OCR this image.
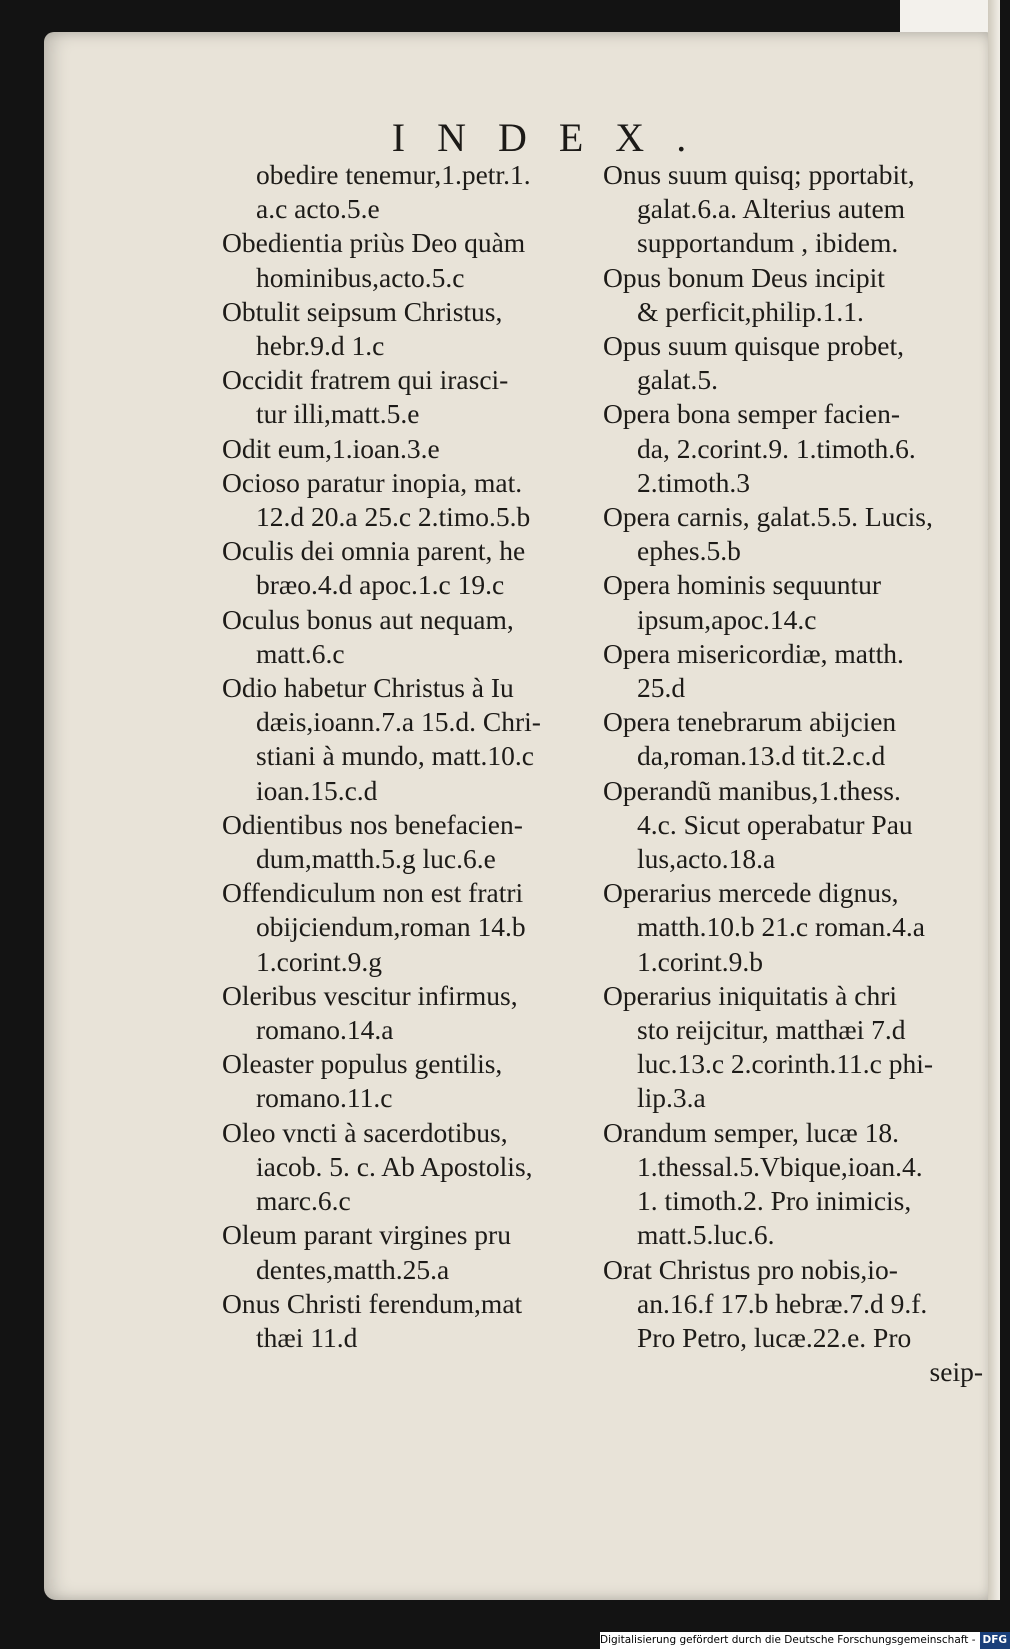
INDEX.
obedire tenemur,1.petr.1.
a.c acto.5.e
Obedientia priùs Deo quàm
hominibus,acto.5.c
Obtulit seipsum Christus,
hebr.9.d 1.c
Occidit fratrem qui irasci-
tur illi,matt.5.e
Odit eum,1.ioan.3.e
Ocioso paratur inopia, mat.
12.d 20.a 25.c 2.timo.5.b
Oculis dei omnia parent, he
bræo.4.d apoc.1.c 19.c
Oculus bonus aut nequam,
matt.6.c
Odio habetur Christus à Iu
dæis,ioann.7.a 15.d. Chri-
stiani à mundo, matt.10.c
ioan.15.c.d
Odientibus nos benefacien-
dum,matth.5.g luc.6.e
Offendiculum non est fratri
obijciendum,roman 14.b
1.corint.9.g
Oleribus vescitur infirmus,
romano.14.a
Oleaster populus gentilis,
romano.11.c
Oleo vncti à sacerdotibus,
iacob. 5. c. Ab Apostolis,
marc.6.c
Oleum parant virgines pru
dentes,matth.25.a
Onus Christi ferendum,mat
thæi 11.d
Onus suum quisq; pportabit,
galat.6.a. Alterius autem
supportandum , ibidem.
Opus bonum Deus incipit
& perficit,philip.1.1.
Opus suum quisque probet,
galat.5.
Opera bona semper facien-
da, 2.corint.9. 1.timoth.6.
2.timoth.3
Opera carnis, galat.5.5. Lucis,
ephes.5.b
Opera hominis sequuntur
ipsum,apoc.14.c
Opera misericordiæ, matth.
25.d
Opera tenebrarum abijcien
da,roman.13.d tit.2.c.d
Operandũ manibus,1.thess.
4.c. Sicut operabatur Pau
lus,acto.18.a
Operarius mercede dignus,
matth.10.b 21.c roman.4.a
1.corint.9.b
Operarius iniquitatis à chri
sto reijcitur, matthæi 7.d
luc.13.c 2.corinth.11.c phi-
lip.3.a
Orandum semper, lucæ 18.
1.thessal.5.Vbique,ioan.4.
1. timoth.2. Pro inimicis,
matt.5.luc.6.
Orat Christus pro nobis,io-
an.16.f 17.b hebræ.7.d 9.f.
Pro Petro, lucæ.22.e. Pro
seip-
Digitalisierung gefördert durch die Deutsche Forschungsgemeinschaft - DFG
